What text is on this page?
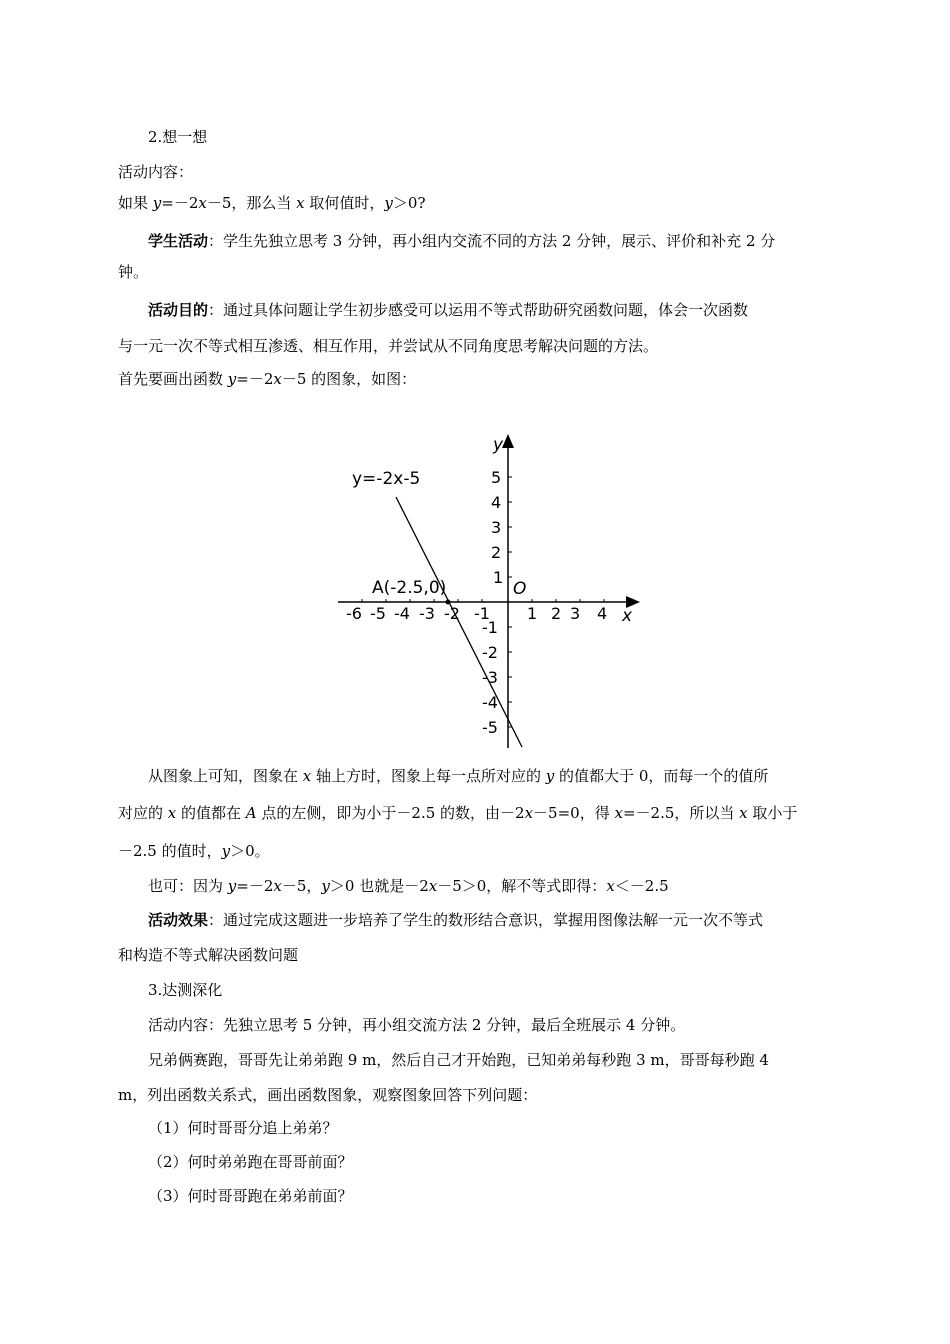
2.想一想
活动内容：
如果 y=－2x－5，那么当 x 取何值时，y＞0?
学生活动：学生先独立思考 3 分钟，再小组内交流不同的方法 2 分钟，展示、评价和补充 2 分
钟。
活动目的：通过具体问题让学生初步感受可以运用不等式帮助研究函数问题，体会一次函数
与一元一次不等式相互渗透、相互作用，并尝试从不同角度思考解决问题的方法。
首先要画出函数 y=－2x－5 的图象，如图：
y=-2x-5
A(-2.5,0)	O
x
y
-6 -5 -4 -3 -2 -1 1 2 3 4
5
4
3
2
1
-1
-2
-3
-4
-5
从图象上可知，图象在 x 轴上方时，图象上每一点所对应的 y 的值都大于 0，而每一个的值所
对应的 x 的值都在 A 点的左侧，即为小于－2.5 的数，由－2x－5=0，得 x=－2.5，所以当 x 取小于
－2.5 的值时，y＞0。
也可：因为 y=－2x－5，y＞0 也就是－2x－5＞0，解不等式即得：x＜－2.5
活动效果：通过完成这题进一步培养了学生的数形结合意识，掌握用图像法解一元一次不等式
和构造不等式解决函数问题
3.达测深化
活动内容：先独立思考 5 分钟，再小组交流方法 2 分钟，最后全班展示 4 分钟。
兄弟俩赛跑，哥哥先让弟弟跑 9 m，然后自己才开始跑，已知弟弟每秒跑 3 m，哥哥每秒跑 4
m，列出函数关系式，画出函数图象，观察图象回答下列问题：
（1）何时哥哥分追上弟弟？
（2）何时弟弟跑在哥哥前面？
（3）何时哥哥跑在弟弟前面？
